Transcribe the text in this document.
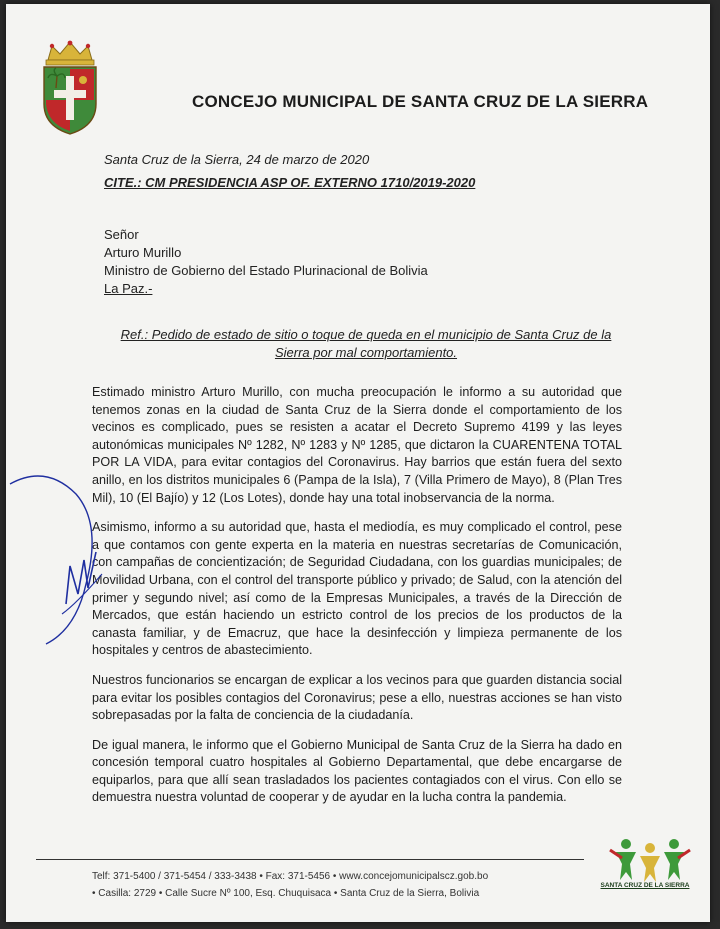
CONCEJO MUNICIPAL DE SANTA CRUZ DE LA SIERRA
Santa Cruz de la Sierra, 24 de marzo de 2020
CITE.: CM PRESIDENCIA ASP OF. EXTERNO 1710/2019-2020
Señor
Arturo Murillo
Ministro de Gobierno del Estado Plurinacional de Bolivia
La Paz.-
Ref.: Pedido de estado de sitio o toque de queda en el municipio de Santa Cruz de la Sierra por mal comportamiento.

Estimado ministro Arturo Murillo, con mucha preocupación le informo a su autoridad que tenemos zonas en la ciudad de Santa Cruz de la Sierra donde el comportamiento de los vecinos es complicado, pues se resisten a acatar el Decreto Supremo 4199 y las leyes autonómicas municipales Nº 1282, Nº 1283 y Nº 1285, que dictaron la CUARENTENA TOTAL POR LA VIDA, para evitar contagios del Coronavirus. Hay barrios que están fuera del sexto anillo, en los distritos municipales 6 (Pampa de la Isla), 7 (Villa Primero de Mayo), 8 (Plan Tres Mil), 10 (El Bajío) y 12 (Los Lotes), donde hay una total inobservancia de la norma.

Asimismo, informo a su autoridad que, hasta el mediodía, es muy complicado el control, pese a que contamos con gente experta en la materia en nuestras secretarías de Comunicación, con campañas de concientización; de Seguridad Ciudadana, con los guardias municipales; de Movilidad Urbana, con el control del transporte público y privado; de Salud, con la atención del primer y segundo nivel; así como de la Empresas Municipales, a través de la Dirección de Mercados, que están haciendo un estricto control de los precios de los productos de la canasta familiar, y de Emacruz, que hace la desinfección y limpieza permanente de los hospitales y centros de abastecimiento.

Nuestros funcionarios se encargan de explicar a los vecinos para que guarden distancia social para evitar los posibles contagios del Coronavirus; pese a ello, nuestras acciones se han visto sobrepasadas por la falta de conciencia de la ciudadanía.

De igual manera, le informo que el Gobierno Municipal de Santa Cruz de la Sierra ha dado en concesión temporal cuatro hospitales al Gobierno Departamental, que debe encargarse de equiparlos, para que allí sean trasladados los pacientes contagiados con el virus. Con ello se demuestra nuestra voluntad de cooperar y de ayudar en la lucha contra la pandemia.

Telf: 371-5400 / 371-5454 / 333-3438 • Fax: 371-5456 • www.concejomunicipalscz.gob.bo
• Casilla: 2729 • Calle Sucre Nº 100, Esq. Chuquisaca • Santa Cruz de la Sierra, Bolivia
SANTA CRUZ DE LA SIERRA
